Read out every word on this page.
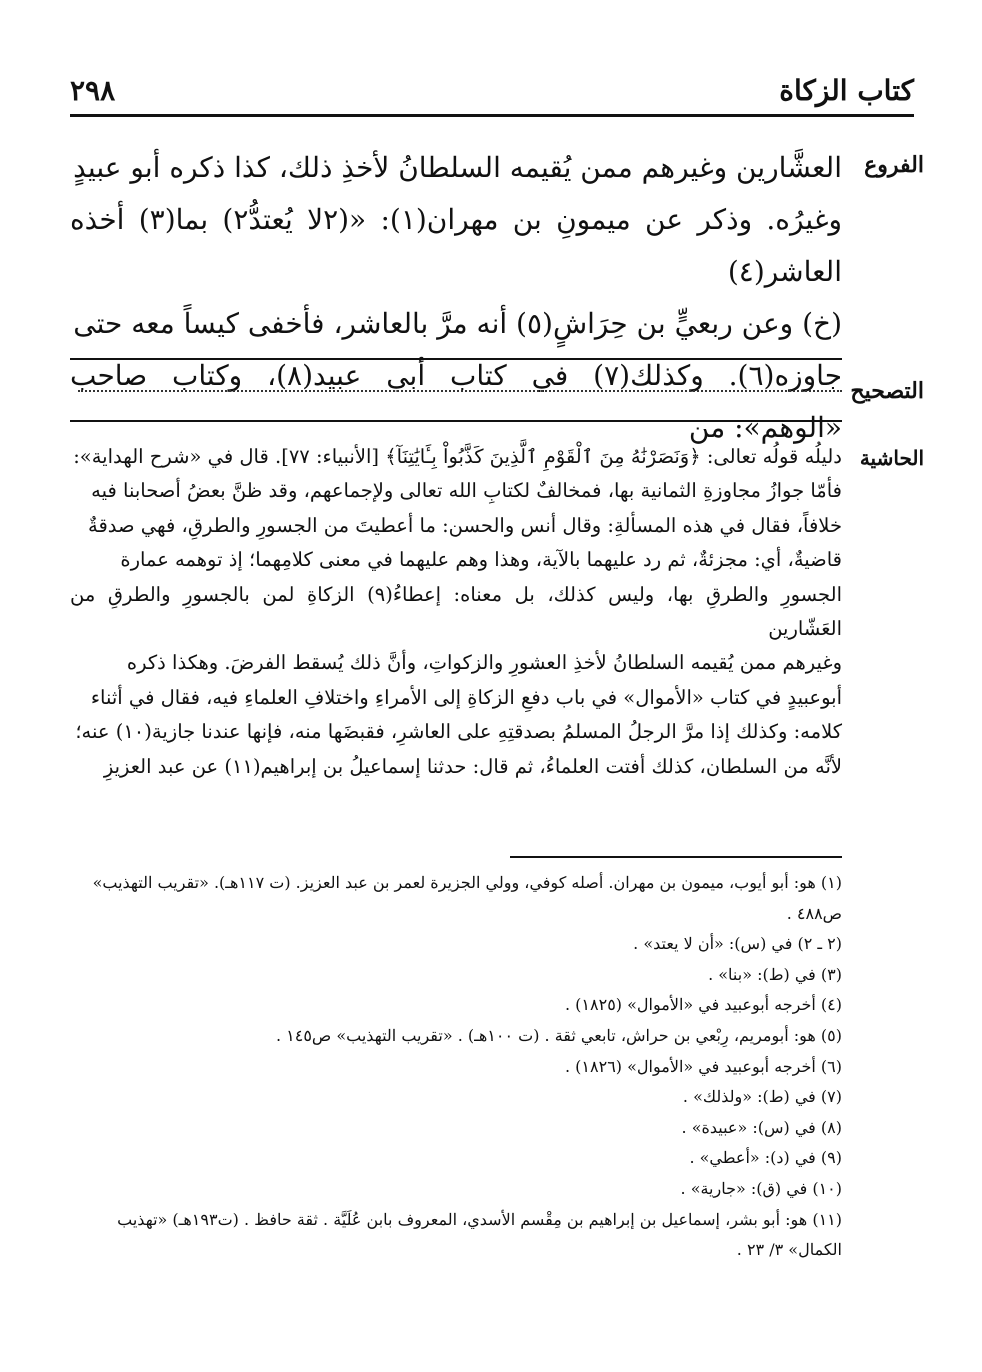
كتاب الزكاة
٢٩٨
الفروع
العشَّارين وغيرهم ممن يُقيمه السلطانُ لأخذِ ذلك، كذا ذكره أبو عبيدٍ
وغيرُه. وذكر عن ميمونِ بن مهران(١): «(٢لا يُعتدُّ٢) بما(٣) أخذه العاشر(٤)
(خ) وعن ربعيٍّ بن حِرَاشٍ(٥) أنه مرَّ بالعاشر، فأخفى كيساً معه حتى
جاوزه(٦). وكذلك(٧) في كتاب أبي عبيد(٨)، وكتاب صاحب «الوهم»: من
التصحيح
الحاشية
دليلُه قولُه تعالى: ﴿وَنَصَرْنَٰهُ مِنَ ٱلْقَوْمِ ٱلَّذِينَ كَذَّبُواْ بِـَٔايَٰتِنَآ﴾ [الأنبياء: ٧٧]. قال في «شرح الهداية»:
فأمّا جوازُ مجاوزةِ الثمانية بها، فمخالفٌ لكتابِ الله تعالى ولإجماعهم، وقد ظنَّ بعضُ أصحابنا فيه
خلافاً، فقال في هذه المسألةِ: وقال أنس والحسن: ما أعطيتَ من الجسورِ والطرقِ، فهي صدقةٌ
قاضيةٌ، أي: مجزئةٌ، ثم رد عليهما بالآية، وهذا وهم عليهما في معنى كلامِهما؛ إذ توهمه عمارة
الجسورِ والطرقِ بها، وليس كذلك، بل معناه: إعطاءُ(٩) الزكاةِ لمن بالجسورِ والطرقِ من العَشّارين
وغيرهم ممن يُقيمه السلطانُ لأخذِ العشورِ والزكواتِ، وأنَّ ذلك يُسقط الفرضَ. وهكذا ذكره
أبوعبيدٍ في كتاب «الأموال» في باب دفعِ الزكاةِ إلى الأمراءِ واختلافِ العلماءِ فيه، فقال في أثناء
كلامه: وكذلك إذا مرَّ الرجلُ المسلمُ بصدقتِهِ على العاشرِ، فقبضَها منه، فإنها عندنا جازية(١٠) عنه؛
لأنَّه من السلطان، كذلك أفتت العلماءُ، ثم قال: حدثنا إسماعيلُ بن إبراهيم(١١) عن عبد العزيزِ

(١) هو: أبو أيوب، ميمون بن مهران. أصله كوفي، وولي الجزيرة لعمر بن عبد العزيز. (ت ١١٧هـ). «تقريب التهذيب» ص٤٨٨ .

(٢ ـ ٢) في (س): «أن لا يعتد» .

(٣) في (ط): «بنا» .

(٤) أخرجه أبوعبيد في «الأموال» (١٨٢٥) .

(٥) هو: أبومريم، رِبْعي بن حراش، تابعي ثقة . (ت ١٠٠هـ) . «تقريب التهذيب» ص١٤٥ .

(٦) أخرجه أبوعبيد في «الأموال» (١٨٢٦) .

(٧) في (ط): «ولذلك» .

(٨) في (س): «عبيدة» .

(٩) في (د): «أعطي» .

(١٠) في (ق): «جارية» .

(١١) هو: أبو بشر، إسماعيل بن إبراهيم بن مِقْسم الأسدي، المعروف بابن عُلَيَّة . ثقة حافظ . (ت١٩٣هـ) «تهذيب الكمال» ٣/ ٢٣ .
